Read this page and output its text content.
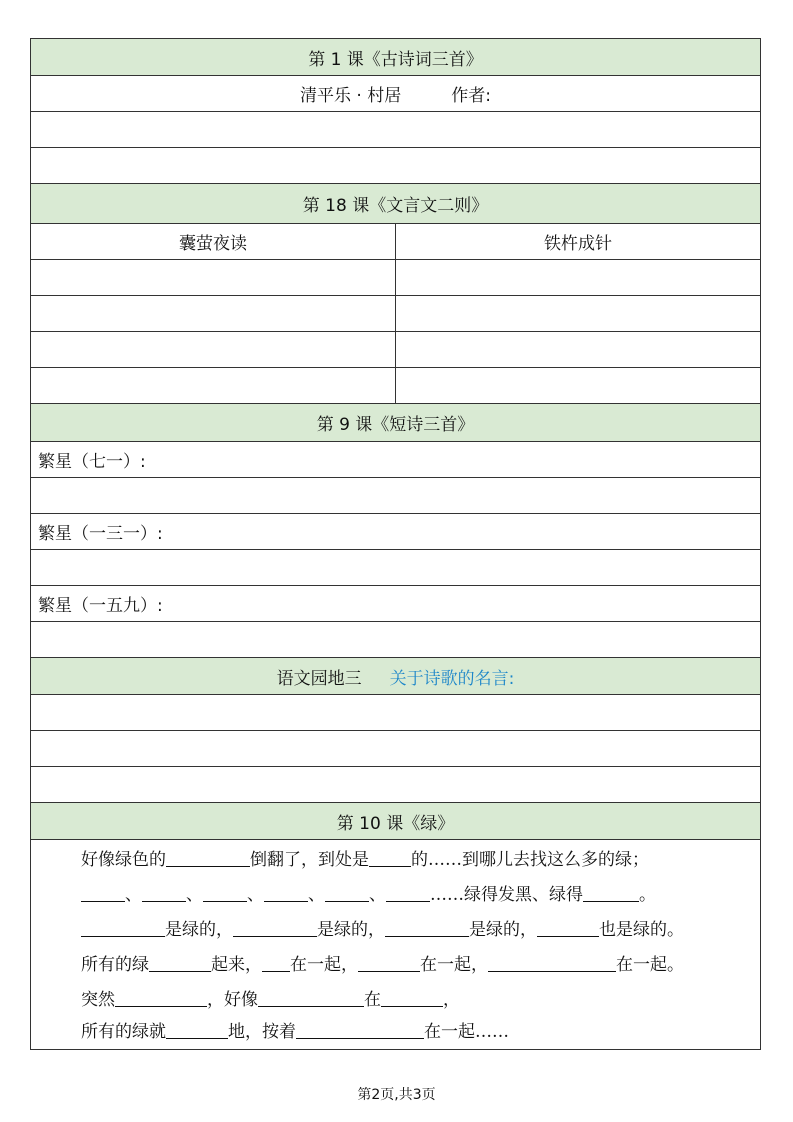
第 1 课《古诗词三首》
清平乐 · 村居	作者:
第 18 课《文言文二则》
囊萤夜读	铁杵成针
第 9 课《短诗三首》
繁星（七一）:
繁星（一三一）:
繁星（一五九）:
语文园地三 关于诗歌的名言:
第 10 课《绿》
好像绿色的	倒翻了，到处是 的……到哪儿去找这么多的绿；
、	、	、	、	、	……绿得发黑、绿得	。
是绿的，	是绿的，	是绿的，	也是绿的。
所有的绿	起来， 在一起，	在一起，	在一起。
突然	，好像	在	，
所有的绿就	地，按着	在一起……
第2页,共3页
